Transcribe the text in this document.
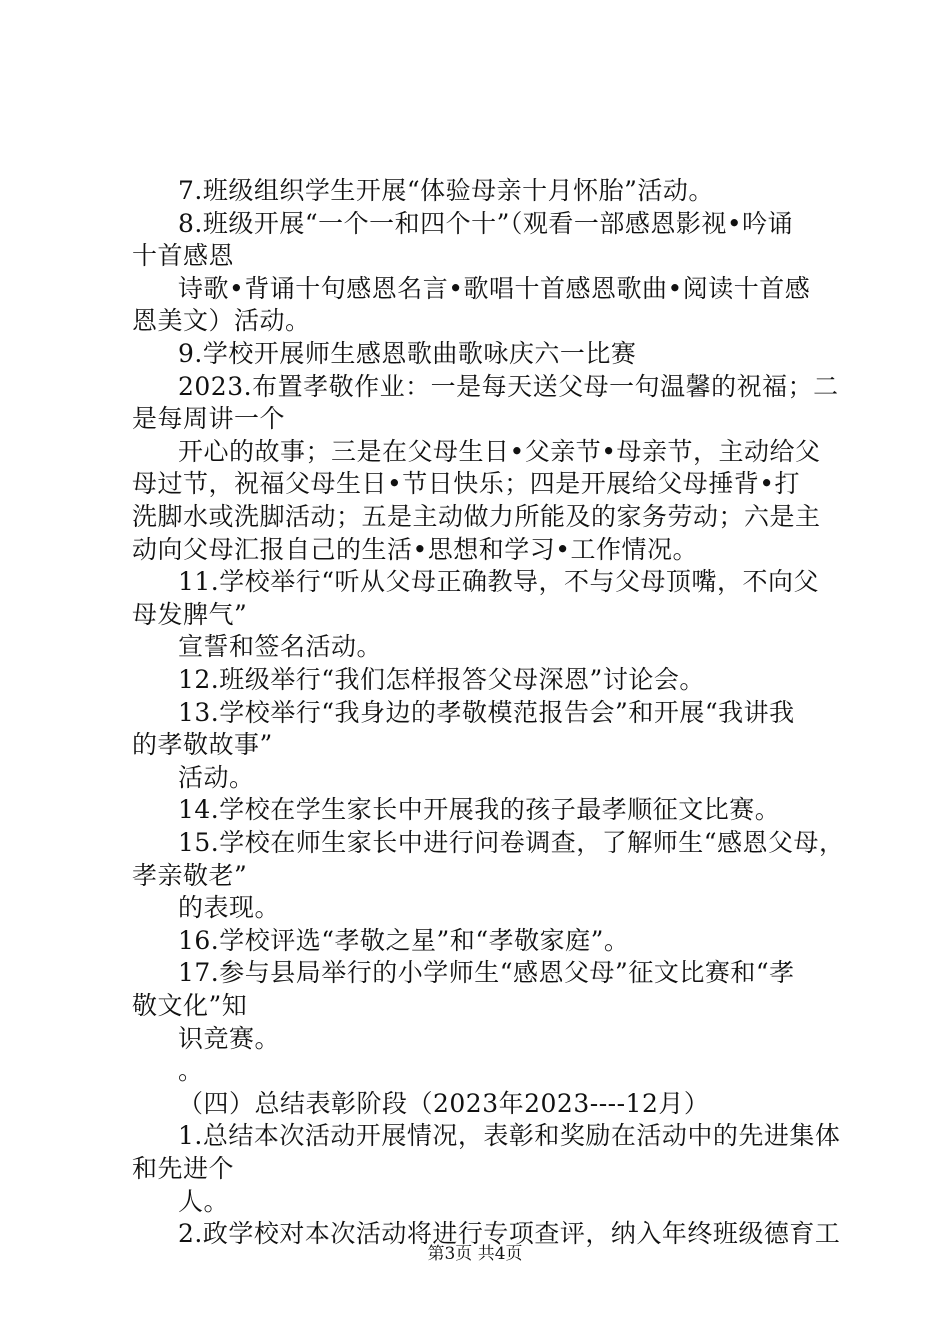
7.班级组织学生开展“体验母亲十月怀胎”活动。
8.班级开展“一个一和四个十”（观看一部感恩影视•吟诵
十首感恩
诗歌•背诵十句感恩名言•歌唱十首感恩歌曲•阅读十首感
恩美文）活动。
9.学校开展师生感恩歌曲歌咏庆六一比赛
2023.布置孝敬作业：一是每天送父母一句温馨的祝福；二
是每周讲一个
开心的故事；三是在父母生日•父亲节•母亲节，主动给父
母过节，祝福父母生日•节日快乐；四是开展给父母捶背•打
洗脚水或洗脚活动；五是主动做力所能及的家务劳动；六是主
动向父母汇报自己的生活•思想和学习•工作情况。
11.学校举行“听从父母正确教导，不与父母顶嘴，不向父
母发脾气”
宣誓和签名活动。
12.班级举行“我们怎样报答父母深恩”讨论会。
13.学校举行“我身边的孝敬模范报告会”和开展“我讲我
的孝敬故事”
活动。
14.学校在学生家长中开展我的孩子最孝顺征文比赛。
15.学校在师生家长中进行问卷调查，了解师生“感恩父母，
孝亲敬老”
的表现。
16.学校评选“孝敬之星”和“孝敬家庭”。
17.参与县局举行的小学师生“感恩父母”征文比赛和“孝
敬文化”知
识竞赛。
。
（四）总结表彰阶段（2023年2023----12月）
1.总结本次活动开展情况，表彰和奖励在活动中的先进集体
和先进个
人。
2.政学校对本次活动将进行专项查评，纳入年终班级德育工
第3页 共4页
